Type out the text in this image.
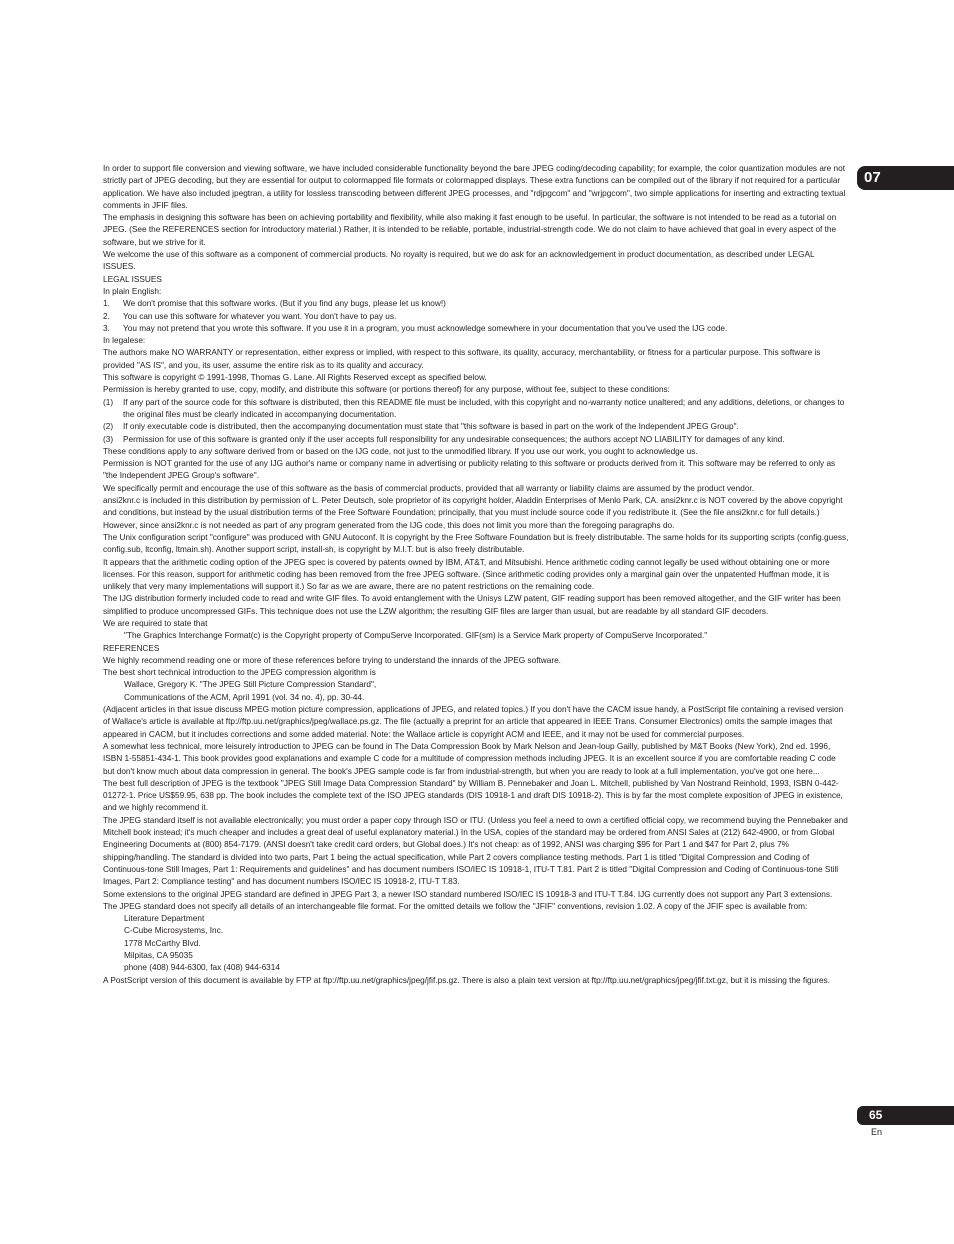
In order to support file conversion and viewing software, we have included considerable functionality beyond the bare JPEG coding/decoding capability; for example, the color quantization modules are not strictly part of JPEG decoding, but they are essential for output to colormapped file formats or colormapped displays. These extra functions can be compiled out of the library if not required for a particular application. We have also included jpegtran, a utility for lossless transcoding between different JPEG processes, and "rdjpgcom" and "wrjpgcom", two simple applications for inserting and extracting textual comments in JFIF files.
The emphasis in designing this software has been on achieving portability and flexibility, while also making it fast enough to be useful. In particular, the software is not intended to be read as a tutorial on JPEG. (See the REFERENCES section for introductory material.) Rather, it is intended to be reliable, portable, industrial-strength code. We do not claim to have achieved that goal in every aspect of the software, but we strive for it.
We welcome the use of this software as a component of commercial products. No royalty is required, but we do ask for an acknowledgement in product documentation, as described under LEGAL ISSUES.
LEGAL ISSUES
In plain English:
1. We don't promise that this software works. (But if you find any bugs, please let us know!)
2. You can use this software for whatever you want. You don't have to pay us.
3. You may not pretend that you wrote this software. If you use it in a program, you must acknowledge somewhere in your documentation that you've used the IJG code.
In legalese:
The authors make NO WARRANTY or representation, either express or implied, with respect to this software, its quality, accuracy, merchantability, or fitness for a particular purpose. This software is provided "AS IS", and you, its user, assume the entire risk as to its quality and accuracy.
This software is copyright © 1991-1998, Thomas G. Lane. All Rights Reserved except as specified below.
Permission is hereby granted to use, copy, modify, and distribute this software (or portions thereof) for any purpose, without fee, subject to these conditions:
(1) If any part of the source code for this software is distributed, then this README file must be included, with this copyright and no-warranty notice unaltered; and any additions, deletions, or changes to the original files must be clearly indicated in accompanying documentation.
(2) If only executable code is distributed, then the accompanying documentation must state that "this software is based in part on the work of the Independent JPEG Group".
(3) Permission for use of this software is granted only if the user accepts full responsibility for any undesirable consequences; the authors accept NO LIABILITY for damages of any kind.
These conditions apply to any software derived from or based on the IJG code, not just to the unmodified library. If you use our work, you ought to acknowledge us.
Permission is NOT granted for the use of any IJG author's name or company name in advertising or publicity relating to this software or products derived from it. This software may be referred to only as "the Independent JPEG Group's software".
We specifically permit and encourage the use of this software as the basis of commercial products, provided that all warranty or liability claims are assumed by the product vendor.
ansi2knr.c is included in this distribution by permission of L. Peter Deutsch, sole proprietor of its copyright holder, Aladdin Enterprises of Menlo Park, CA. ansi2knr.c is NOT covered by the above copyright and conditions, but instead by the usual distribution terms of the Free Software Foundation; principally, that you must include source code if you redistribute it. (See the file ansi2knr.c for full details.) However, since ansi2knr.c is not needed as part of any program generated from the IJG code, this does not limit you more than the foregoing paragraphs do.
The Unix configuration script "configure" was produced with GNU Autoconf. It is copyright by the Free Software Foundation but is freely distributable. The same holds for its supporting scripts (config.guess, config.sub, ltconfig, ltmain.sh). Another support script, install-sh, is copyright by M.I.T. but is also freely distributable.
It appears that the arithmetic coding option of the JPEG spec is covered by patents owned by IBM, AT&T, and Mitsubishi. Hence arithmetic coding cannot legally be used without obtaining one or more licenses. For this reason, support for arithmetic coding has been removed from the free JPEG software. (Since arithmetic coding provides only a marginal gain over the unpatented Huffman mode, it is unlikely that very many implementations will support it.) So far as we are aware, there are no patent restrictions on the remaining code.
The IJG distribution formerly included code to read and write GIF files. To avoid entanglement with the Unisys LZW patent, GIF reading support has been removed altogether, and the GIF writer has been simplified to produce uncompressed GIFs. This technique does not use the LZW algorithm; the resulting GIF files are larger than usual, but are readable by all standard GIF decoders.
We are required to state that
"The Graphics Interchange Format(c) is the Copyright property of CompuServe Incorporated. GIF(sm) is a Service Mark property of CompuServe Incorporated."
REFERENCES
We highly recommend reading one or more of these references before trying to understand the innards of the JPEG software.
The best short technical introduction to the JPEG compression algorithm is
Wallace, Gregory K. "The JPEG Still Picture Compression Standard",
Communications of the ACM, April 1991 (vol. 34 no. 4), pp. 30-44.
(Adjacent articles in that issue discuss MPEG motion picture compression, applications of JPEG, and related topics.) If you don't have the CACM issue handy, a PostScript file containing a revised version of Wallace's article is available at ftp://ftp.uu.net/graphics/jpeg/wallace.ps.gz. The file (actually a preprint for an article that appeared in IEEE Trans. Consumer Electronics) omits the sample images that appeared in CACM, but it includes corrections and some added material. Note: the Wallace article is copyright ACM and IEEE, and it may not be used for commercial purposes.
A somewhat less technical, more leisurely introduction to JPEG can be found in The Data Compression Book by Mark Nelson and Jean-loup Gailly, published by M&T Books (New York), 2nd ed. 1996, ISBN 1-55851-434-1. This book provides good explanations and example C code for a multitude of compression methods including JPEG. It is an excellent source if you are comfortable reading C code but don't know much about data compression in general. The book's JPEG sample code is far from industrial-strength, but when you are ready to look at a full implementation, you've got one here...
The best full description of JPEG is the textbook "JPEG Still Image Data Compression Standard" by William B. Pennebaker and Joan L. Mitchell, published by Van Nostrand Reinhold, 1993, ISBN 0-442-01272-1. Price US$59.95, 638 pp. The book includes the complete text of the ISO JPEG standards (DIS 10918-1 and draft DIS 10918-2). This is by far the most complete exposition of JPEG in existence, and we highly recommend it.
The JPEG standard itself is not available electronically; you must order a paper copy through ISO or ITU. (Unless you feel a need to own a certified official copy, we recommend buying the Pennebaker and Mitchell book instead; it's much cheaper and includes a great deal of useful explanatory material.) In the USA, copies of the standard may be ordered from ANSI Sales at (212) 642-4900, or from Global Engineering Documents at (800) 854-7179. (ANSI doesn't take credit card orders, but Global does.) It's not cheap: as of 1992, ANSI was charging $95 for Part 1 and $47 for Part 2, plus 7% shipping/handling. The standard is divided into two parts, Part 1 being the actual specification, while Part 2 covers compliance testing methods. Part 1 is titled "Digital Compression and Coding of Continuous-tone Still Images, Part 1: Requirements and guidelines" and has document numbers ISO/IEC IS 10918-1, ITU-T T.81. Part 2 is titled "Digital Compression and Coding of Continuous-tone Still Images, Part 2: Compliance testing" and has document numbers ISO/IEC IS 10918-2, ITU-T T.83.
Some extensions to the original JPEG standard are defined in JPEG Part 3, a newer ISO standard numbered ISO/IEC IS 10918-3 and ITU-T T.84. IJG currently does not support any Part 3 extensions.
The JPEG standard does not specify all details of an interchangeable file format. For the omitted details we follow the "JFIF" conventions, revision 1.02. A copy of the JFIF spec is available from:
Literature Department
C-Cube Microsystems, Inc.
1778 McCarthy Blvd.
Milpitas, CA 95035
phone (408) 944-6300, fax (408) 944-6314
A PostScript version of this document is available by FTP at ftp://ftp.uu.net/graphics/jpeg/jfif.ps.gz. There is also a plain text version at ftp://ftp.uu.net/graphics/jpeg/jfif.txt.gz, but it is missing the figures.
07
65
En
